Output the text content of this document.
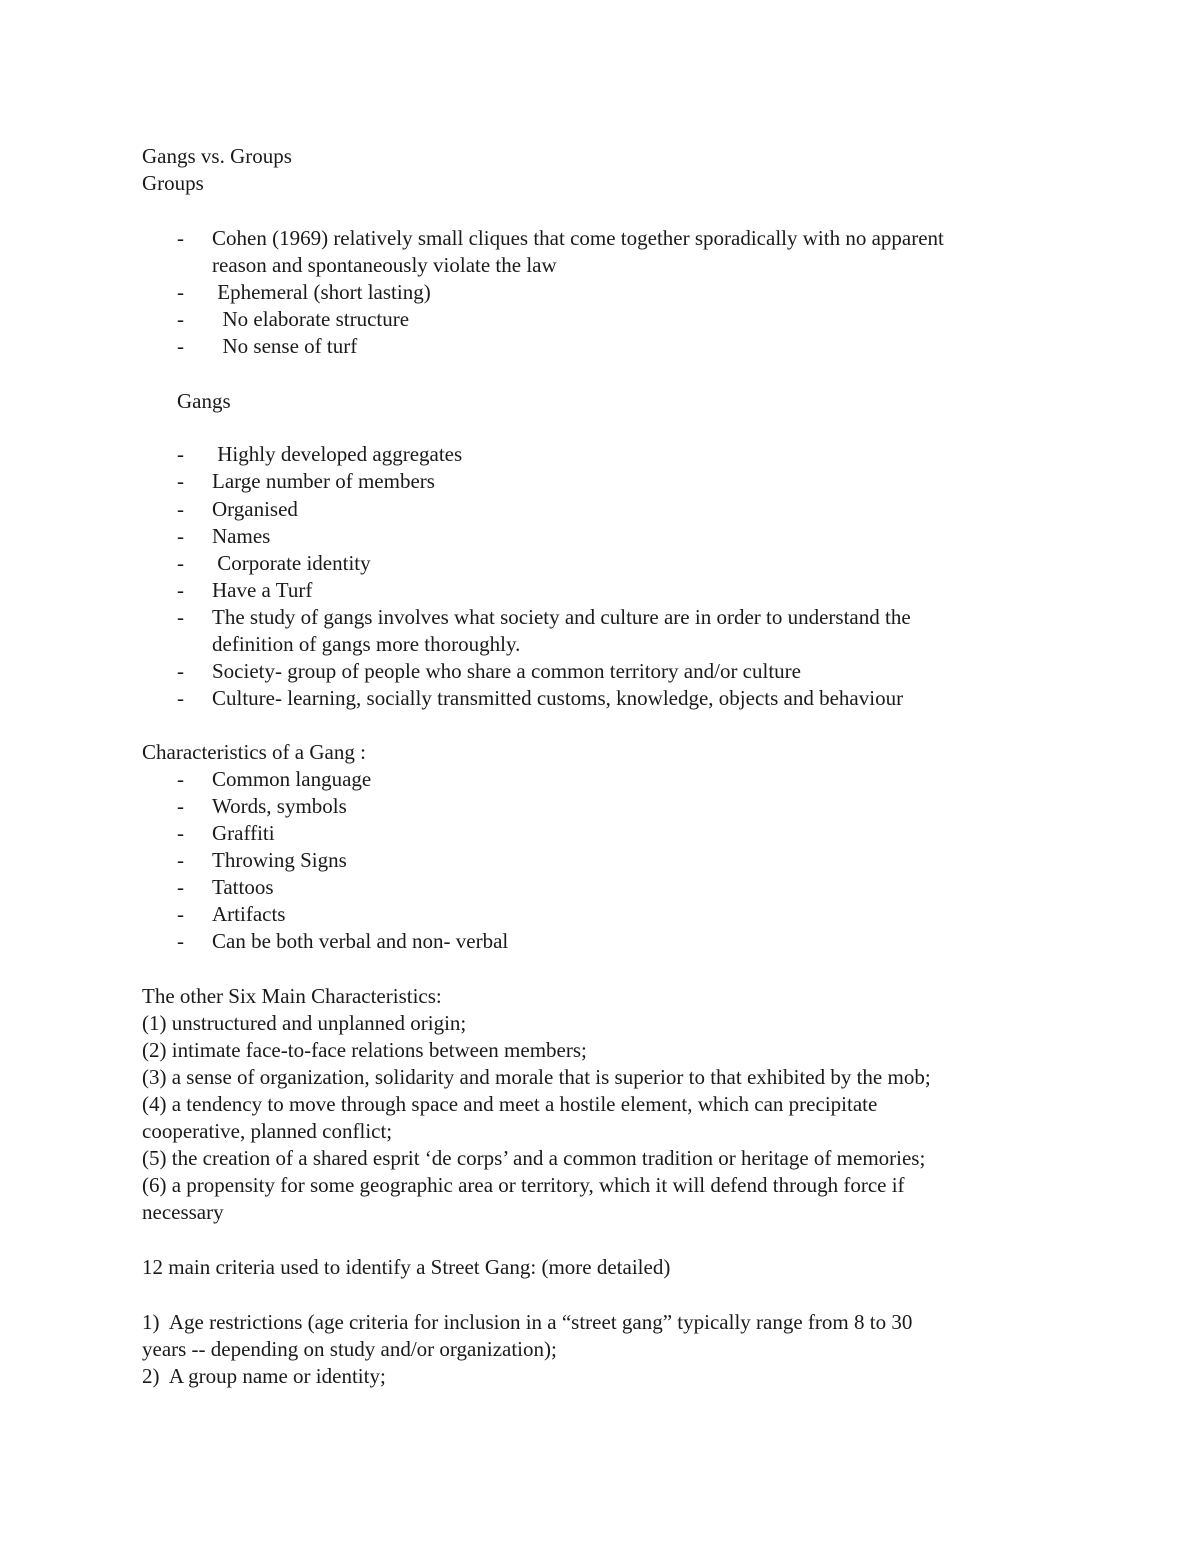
Gangs vs. Groups
Groups
- Cohen (1969) relatively small cliques that come together sporadically with no apparent
reason and spontaneously violate the law
- Ephemeral (short lasting)
- No elaborate structure
- No sense of turf
Gangs
- Highly developed aggregates
- Large number of members
- Organised
- Names
- Corporate identity
- Have a Turf
- The study of gangs involves what society and culture are in order to understand the
definition of gangs more thoroughly.
- Society- group of people who share a common territory and/or culture
- Culture- learning, socially transmitted customs, knowledge, objects and behaviour
Characteristics of a Gang :
- Common language
- Words, symbols
- Graffiti
- Throwing Signs
- Tattoos
- Artifacts
- Can be both verbal and non- verbal
The other Six Main Characteristics:
(1) unstructured and unplanned origin;
(2) intimate face-to-face relations between members;
(3) a sense of organization, solidarity and morale that is superior to that exhibited by the mob;
(4) a tendency to move through space and meet a hostile element, which can precipitate
cooperative, planned conflict;
(5) the creation of a shared esprit ‘de corps’ and a common tradition or heritage of memories;
(6) a propensity for some geographic area or territory, which it will defend through force if
necessary
12 main criteria used to identify a Street Gang: (more detailed)
1)  Age restrictions (age criteria for inclusion in a “street gang” typically range from 8 to 30
years -- depending on study and/or organization);
2)  A group name or identity;
